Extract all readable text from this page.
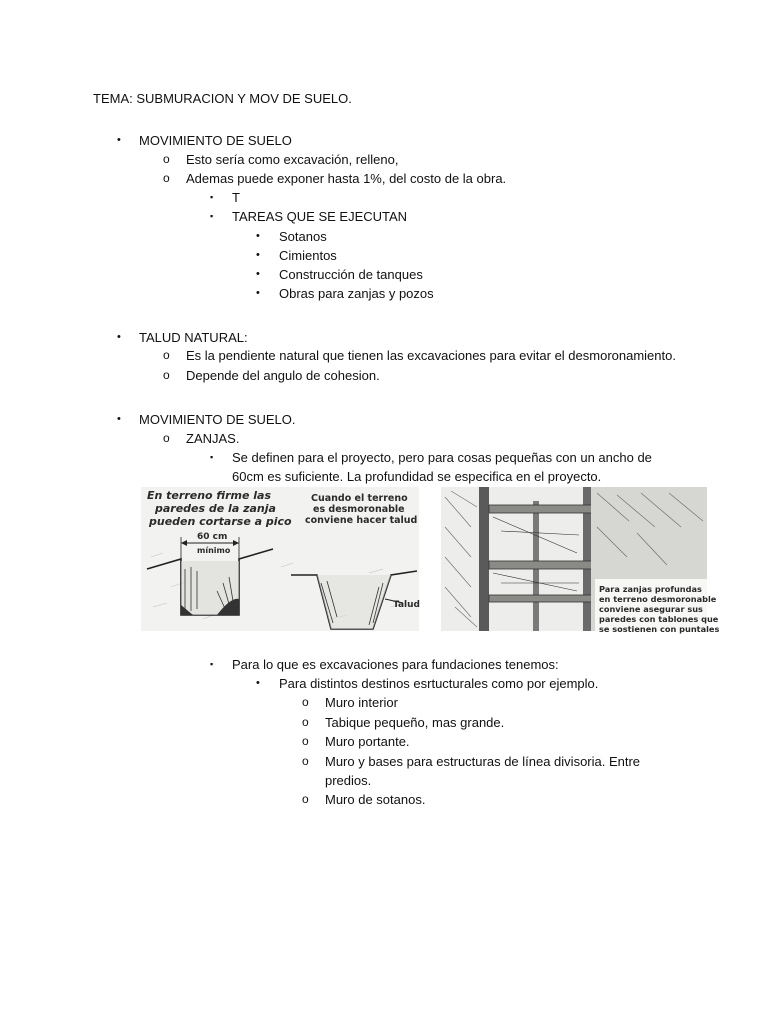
TEMA: SUBMURACION Y MOV DE SUELO.
• MOVIMIENTO DE SUELO
o Esto sería como excavación, relleno,
o Ademas puede exponer hasta 1%, del costo de la obra.
▪ T
▪ TAREAS QUE SE EJECUTAN
• Sotanos
• Cimientos
• Construcción de tanques
• Obras para zanjas y pozos
• TALUD NATURAL:
o Es la pendiente natural que tienen las excavaciones para evitar el desmoronamiento.
o Depende del angulo de cohesion.
• MOVIMIENTO DE SUELO.
o ZANJAS.
▪ Se definen para el proyecto, pero para cosas pequeñas con un ancho de
60cm es suficiente. La profundidad se especifica en el proyecto.
En terreno firme las
paredes de la zanja
pueden cortarse a pico
Cuando el terreno
es desmoronable
conviene hacer talud
60 cm
mínimo
Talud
Para zanjas profundas
en terreno desmoronable
conviene asegurar sus
paredes con tablones que
se sostienen con puntales
▪ Para lo que es excavaciones para fundaciones tenemos:
• Para distintos destinos esrtucturales como por ejemplo.
o Muro interior
o Tabique pequeño, mas grande.
o Muro portante.
o Muro y bases para estructuras de línea divisoria. Entre
predios.
o Muro de sotanos.
